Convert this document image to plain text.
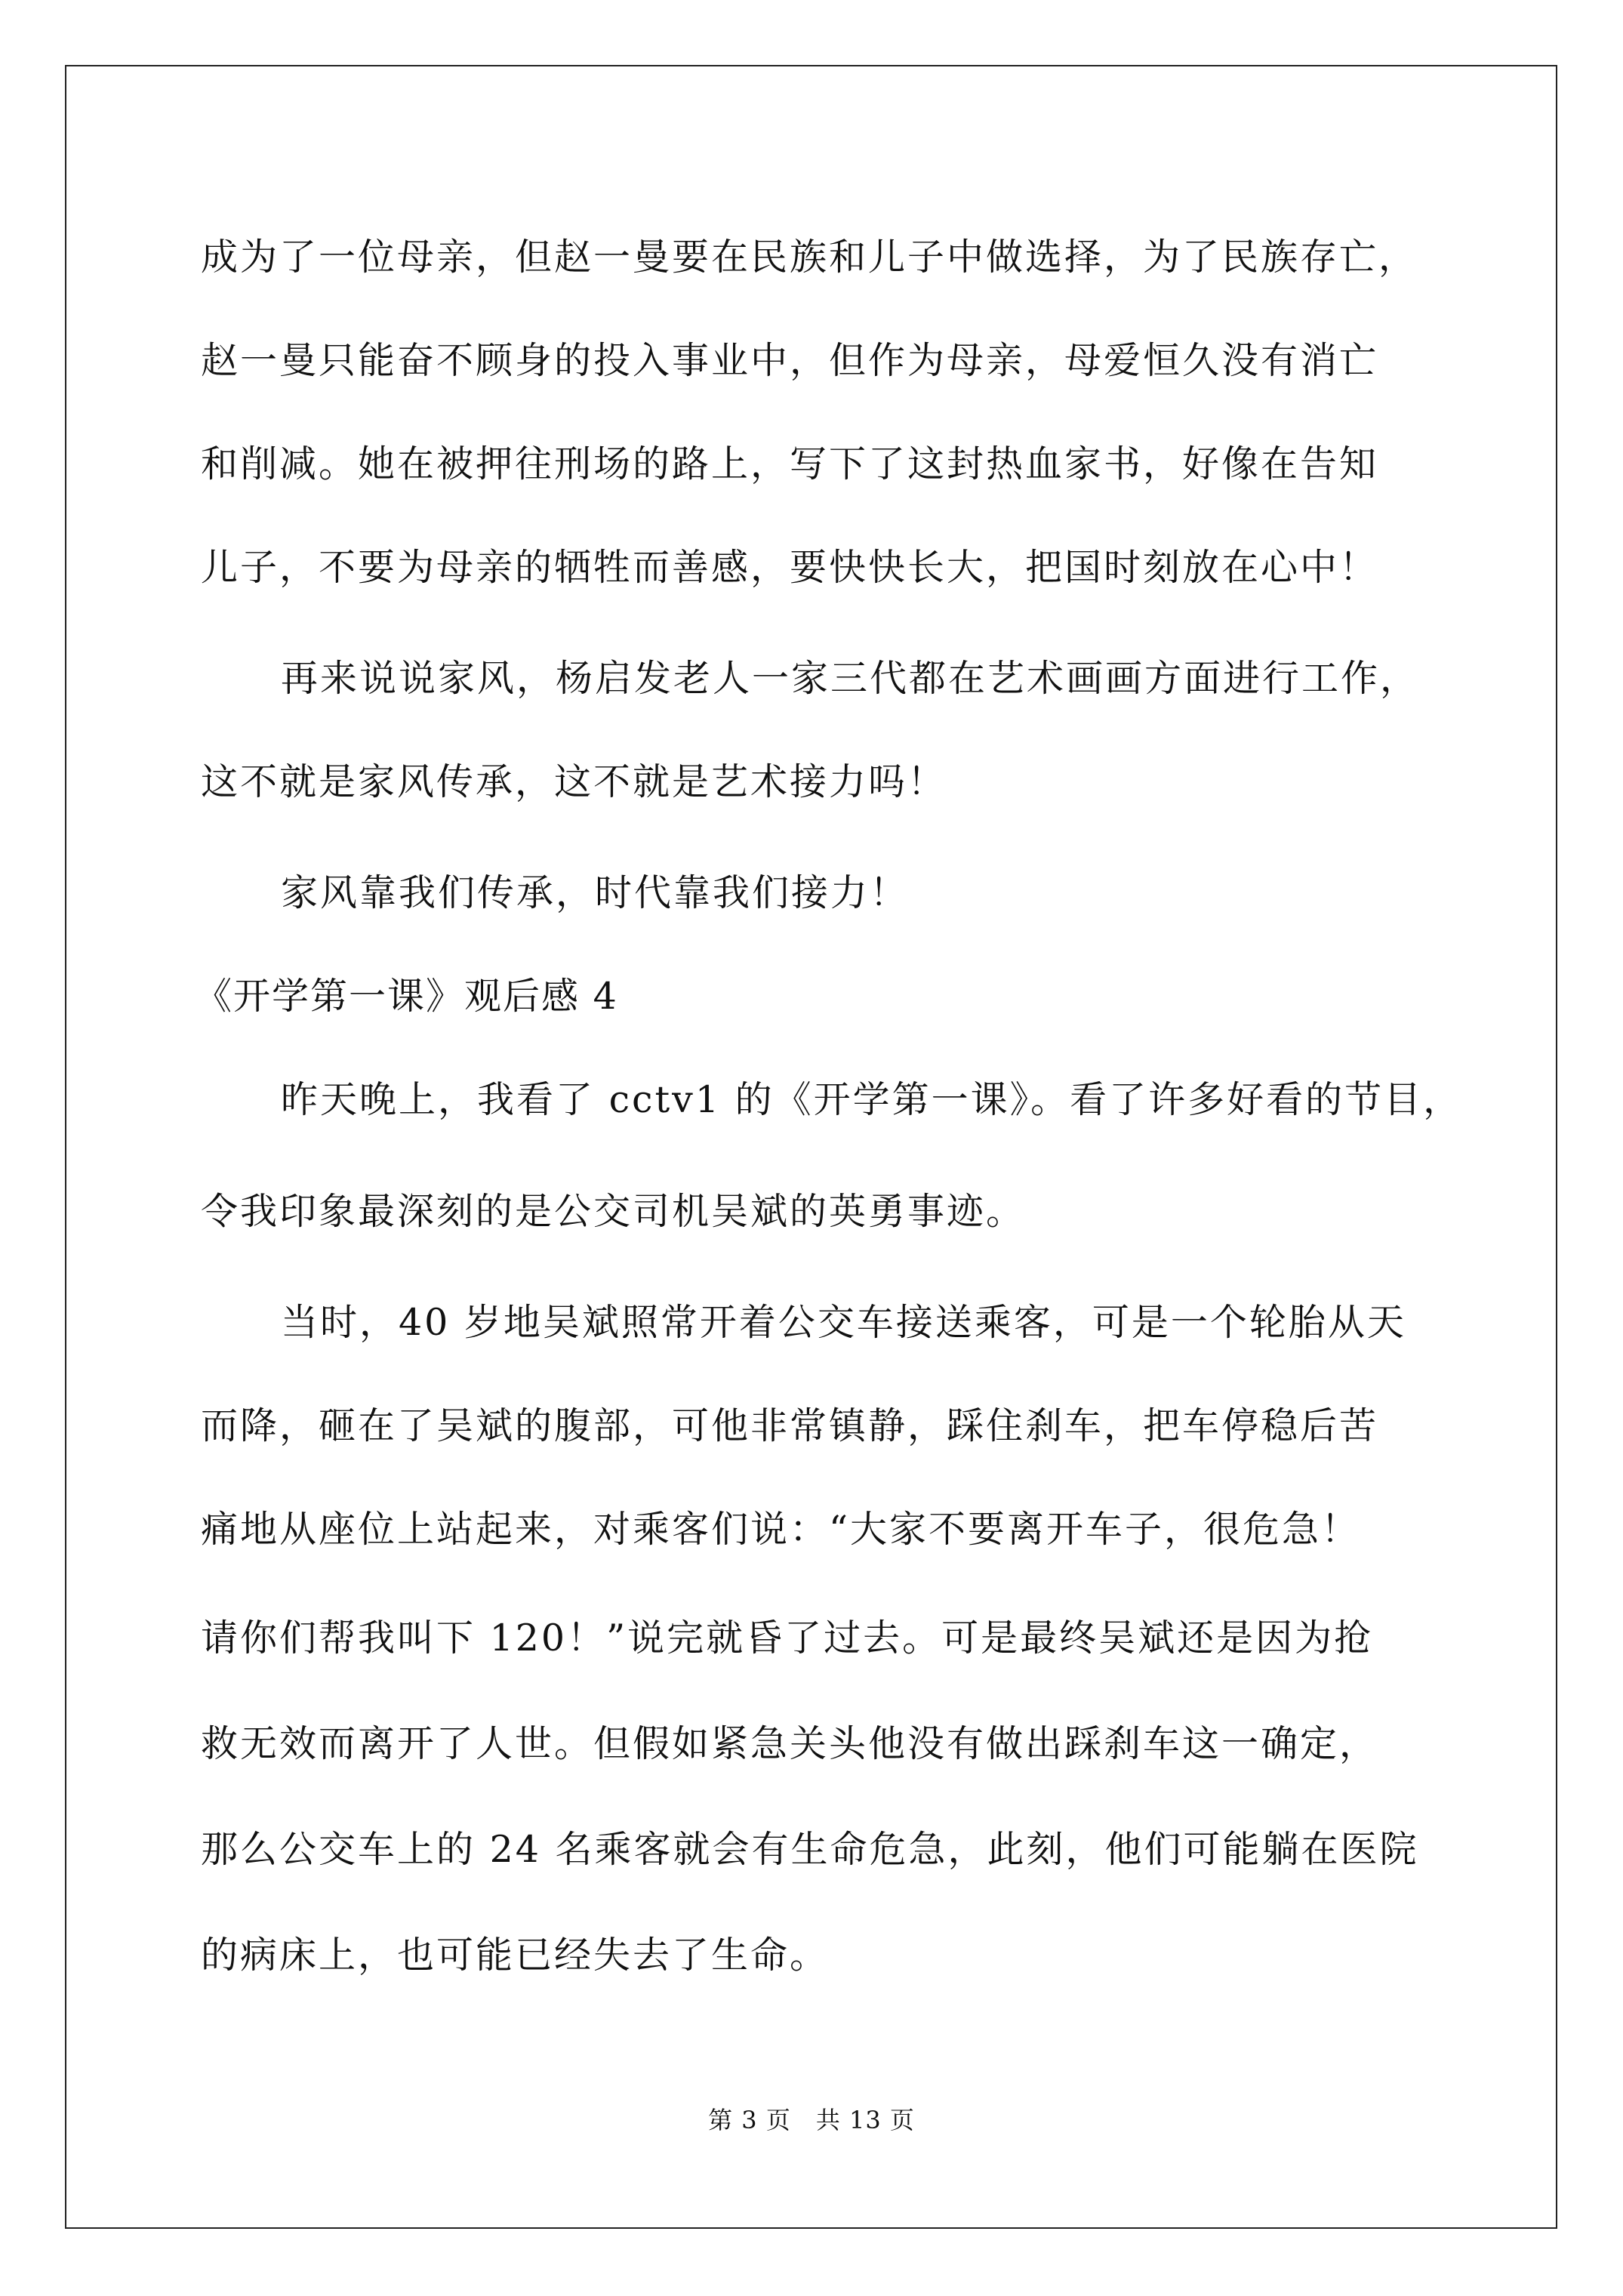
成为了一位母亲，但赵一曼要在民族和儿子中做选择，为了民族存亡，
赵一曼只能奋不顾身的投入事业中，但作为母亲，母爱恒久没有消亡
和削减。她在被押往刑场的路上，写下了这封热血家书，好像在告知
儿子，不要为母亲的牺牲而善感，要快快长大，把国时刻放在心中！
再来说说家风，杨启发老人一家三代都在艺术画画方面进行工作，
这不就是家风传承，这不就是艺术接力吗！
家风靠我们传承，时代靠我们接力！
《开学第一课》观后感 4
昨天晚上，我看了 cctv1 的《开学第一课》。看了许多好看的节目，
令我印象最深刻的是公交司机吴斌的英勇事迹。
当时，40 岁地吴斌照常开着公交车接送乘客，可是一个轮胎从天
而降，砸在了吴斌的腹部，可他非常镇静，踩住刹车，把车停稳后苦
痛地从座位上站起来，对乘客们说：“大家不要离开车子，很危急！
请你们帮我叫下 120！”说完就昏了过去。可是最终吴斌还是因为抢
救无效而离开了人世。但假如紧急关头他没有做出踩刹车这一确定，
那么公交车上的 24 名乘客就会有生命危急，此刻，他们可能躺在医院
的病床上，也可能已经失去了生命。
第 3 页　共 13 页
